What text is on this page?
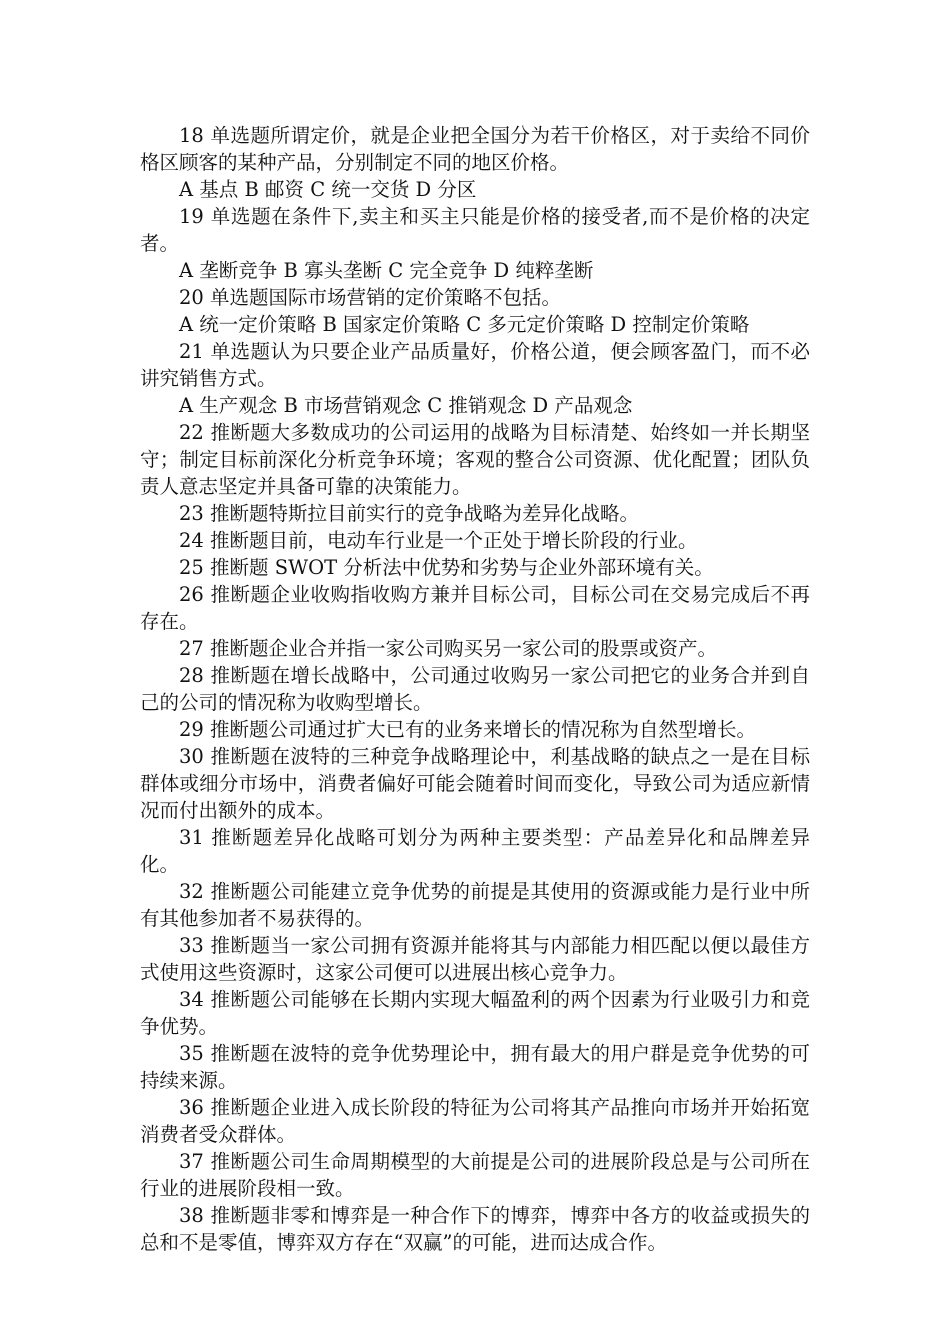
18 单选题所谓定价，就是企业把全国分为若干价格区，对于卖给不同价格区顾客的某种产品，分别制定不同的地区价格。

A 基点 B 邮资 C 统一交货 D 分区

19 单选题在条件下,卖主和买主只能是价格的接受者,而不是价格的决定者。

A 垄断竞争 B 寡头垄断 C 完全竞争 D 纯粹垄断

20 单选题国际市场营销的定价策略不包括。

A 统一定价策略 B 国家定价策略 C 多元定价策略 D 控制定价策略

21 单选题认为只要企业产品质量好，价格公道，便会顾客盈门，而不必讲究销售方式。

A 生产观念 B 市场营销观念 C 推销观念 D 产品观念

22 推断题大多数成功的公司运用的战略为目标清楚、始终如一并长期坚守；制定目标前深化分析竞争环境；客观的整合公司资源、优化配置；团队负责人意志坚定并具备可靠的决策能力。

23 推断题特斯拉目前实行的竞争战略为差异化战略。

24 推断题目前，电动车行业是一个正处于增长阶段的行业。

25 推断题 SWOT 分析法中优势和劣势与企业外部环境有关。

26 推断题企业收购指收购方兼并目标公司，目标公司在交易完成后不再存在。

27 推断题企业合并指一家公司购买另一家公司的股票或资产。

28 推断题在增长战略中，公司通过收购另一家公司把它的业务合并到自己的公司的情况称为收购型增长。

29 推断题公司通过扩大已有的业务来增长的情况称为自然型增长。

30 推断题在波特的三种竞争战略理论中，利基战略的缺点之一是在目标群体或细分市场中，消费者偏好可能会随着时间而变化，导致公司为适应新情况而付出额外的成本。

31 推断题差异化战略可划分为两种主要类型：产品差异化和品牌差异化。

32 推断题公司能建立竞争优势的前提是其使用的资源或能力是行业中所有其他参加者不易获得的。

33 推断题当一家公司拥有资源并能将其与内部能力相匹配以便以最佳方式使用这些资源时，这家公司便可以进展出核心竞争力。

34 推断题公司能够在长期内实现大幅盈利的两个因素为行业吸引力和竞争优势。

35 推断题在波特的竞争优势理论中，拥有最大的用户群是竞争优势的可持续来源。

36 推断题企业进入成长阶段的特征为公司将其产品推向市场并开始拓宽消费者受众群体。

37 推断题公司生命周期模型的大前提是公司的进展阶段总是与公司所在行业的进展阶段相一致。

38 推断题非零和博弈是一种合作下的博弈，博弈中各方的收益或损失的总和不是零值，博弈双方存在“双赢”的可能，进而达成合作。
